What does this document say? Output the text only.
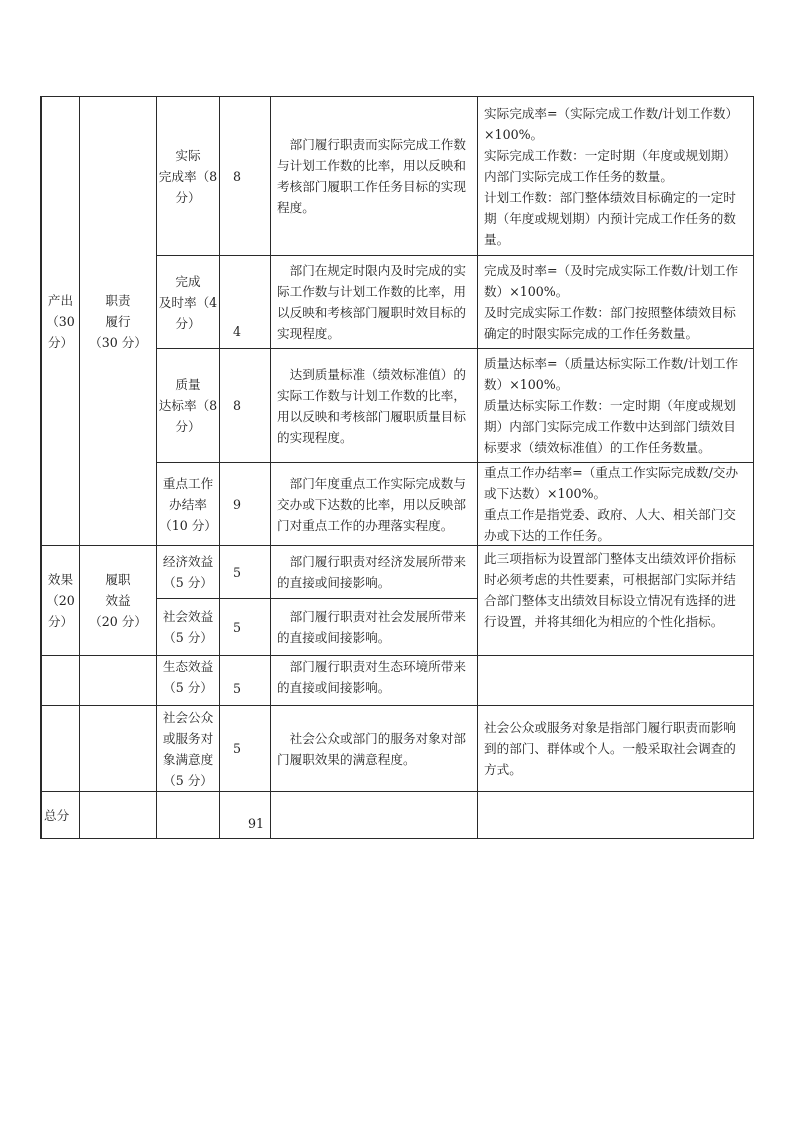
产出
（30
分）
职责
履行
（30 分）
实际
完成率（8
分）
8
部门履行职责而实际完成工作数与计划工作数的比率，用以反映和考核部门履职工作任务目标的实现程度。
实际完成率=（实际完成工作数/计划工作数）×100%。
实际完成工作数：一定时期（年度或规划期）内部门实际完成工作任务的数量。
计划工作数：部门整体绩效目标确定的一定时期（年度或规划期）内预计完成工作任务的数量。
完成
及时率（4
分）
4
部门在规定时限内及时完成的实际工作数与计划工作数的比率，用以反映和考核部门履职时效目标的实现程度。
完成及时率=（及时完成实际工作数/计划工作数）×100%。
及时完成实际工作数：部门按照整体绩效目标确定的时限实际完成的工作任务数量。
质量
达标率（8
分）
8
达到质量标准（绩效标准值）的实际工作数与计划工作数的比率，用以反映和考核部门履职质量目标的实现程度。
质量达标率=（质量达标实际工作数/计划工作数）×100%。
质量达标实际工作数：一定时期（年度或规划期）内部门实际完成工作数中达到部门绩效目标要求（绩效标准值）的工作任务数量。
重点工作
办结率
（10 分）
9
部门年度重点工作实际完成数与交办或下达数的比率，用以反映部门对重点工作的办理落实程度。
重点工作办结率=（重点工作实际完成数/交办或下达数）×100%。
重点工作是指党委、政府、人大、相关部门交办或下达的工作任务。
效果
（20
分）
履职
效益
（20 分）
经济效益
（5 分）
5
部门履行职责对经济发展所带来的直接或间接影响。
此三项指标为设置部门整体支出绩效评价指标时必须考虑的共性要素，可根据部门实际并结合部门整体支出绩效目标设立情况有选择的进行设置，并将其细化为相应的个性化指标。
社会效益
（5 分）
5
部门履行职责对社会发展所带来的直接或间接影响。
生态效益
（5 分） 5
部门履行职责对生态环境所带来的直接或间接影响。
社会公众
或服务对
象满意度
（5 分）
5
社会公众或部门的服务对象对部门履职效果的满意程度。
社会公众或服务对象是指部门履行职责而影响到的部门、群体或个人。一般采取社会调查的方式。
总分
91
